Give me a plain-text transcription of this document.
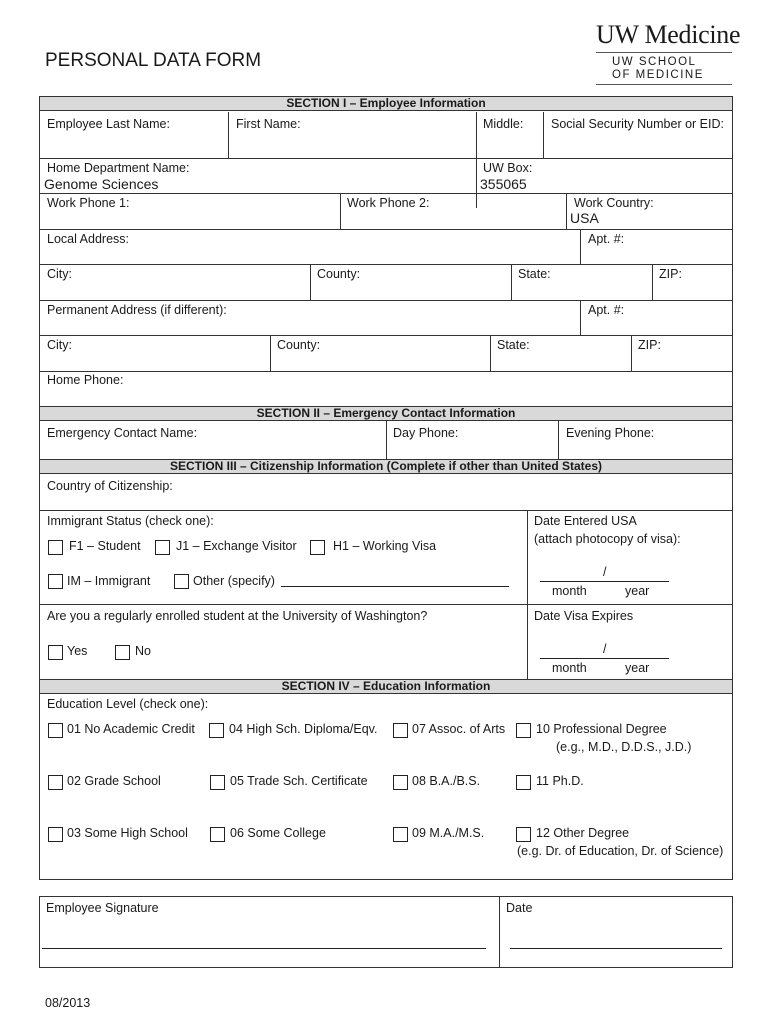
PERSONAL DATA FORM
UW Medicine
UW SCHOOL
OF MEDICINE
SECTION I – Employee Information
Employee Last Name:	First Name:	Middle: Social Security Number or EID:
Home Department Name:
Genome Sciences
UW Box:
355065
Work Phone 1:	Work Phone 2:	Work Country:
USA
Local Address:	Apt. #:
City:	County:	State:	ZIP:
Permanent Address (if different):	Apt. #:
City:	County:	State:	ZIP:
Home Phone:
SECTION II – Emergency Contact Information
Emergency Contact Name:	Day Phone:	Evening Phone:
SECTION III – Citizenship Information (Complete if other than United States)
Country of Citizenship:
Immigrant Status (check one):	Date Entered USA
(attach photocopy of visa):
F1 – Student	J1 – Exchange Visitor	H1 – Working Visa
IM – Immigrant	Other (specify)
/
month	year
Are you a regularly enrolled student at the University of Washington?	Date Visa Expires
Yes	No	/
month	year
SECTION IV – Education Information
Education Level (check one):
01 No Academic Credit	04 High Sch. Diploma/Eqv.	07 Assoc. of Arts 10 Professional Degree
(e.g., M.D., D.D.S., J.D.)
02 Grade School	05 Trade Sch. Certificate	08 B.A./B.S.	11 Ph.D.
03 Some High School	06 Some College	09 M.A./M.S.	12 Other Degree
(e.g. Dr. of Education, Dr. of Science)
Employee Signature	Date
08/2013
